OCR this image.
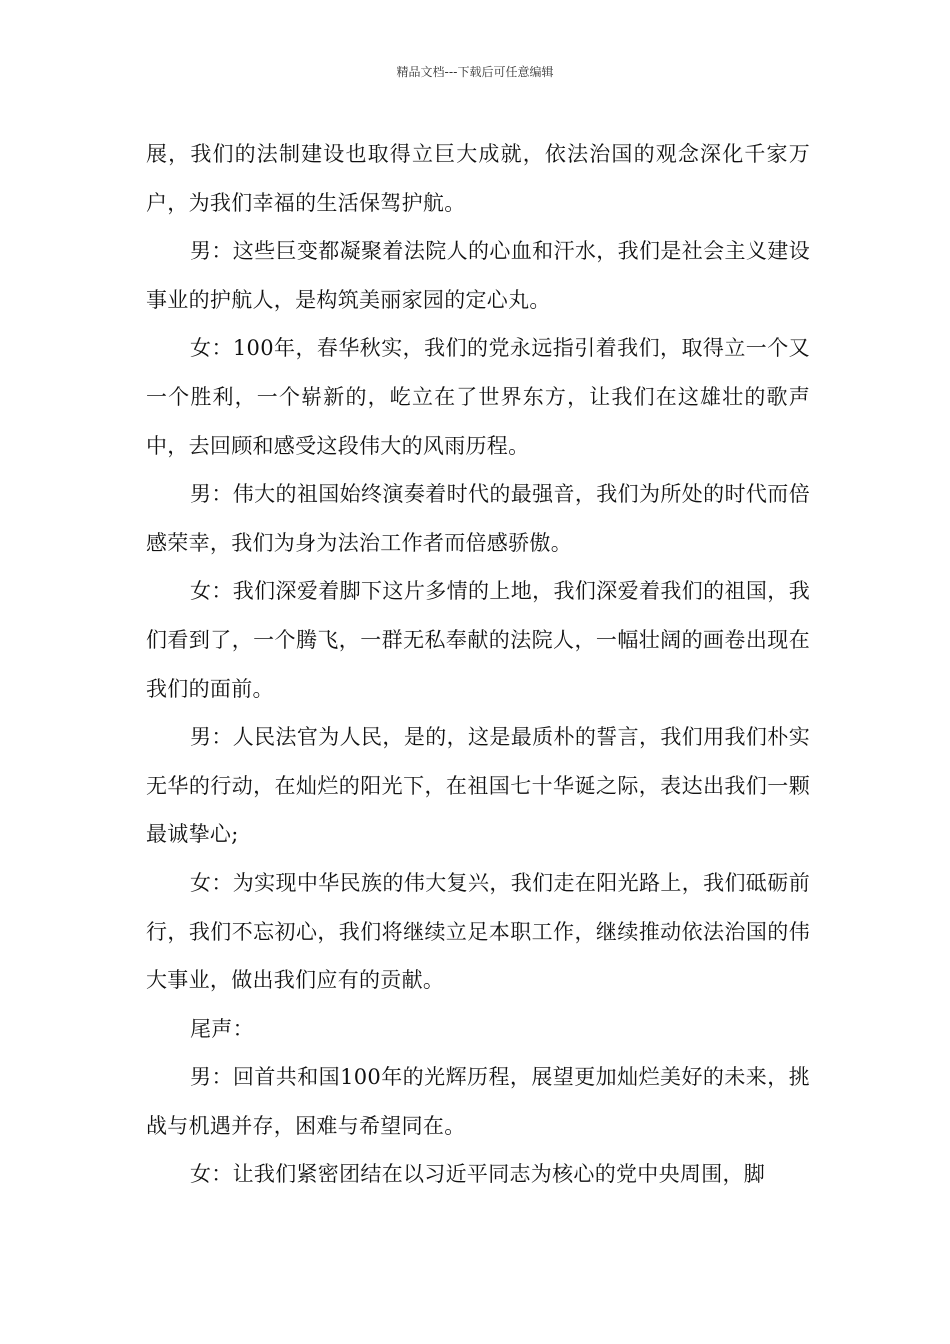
精品文档---下载后可任意编辑

展，我们的法制建设也取得立巨大成就，依法治国的观念深化千家万户，为我们幸福的生活保驾护航。

男：这些巨变都凝聚着法院人的心血和汗水，我们是社会主义建设事业的护航人，是构筑美丽家园的定心丸。

女：100年，春华秋实，我们的党永远指引着我们，取得立一个又一个胜利，一个崭新的，屹立在了世界东方，让我们在这雄壮的歌声中，去回顾和感受这段伟大的风雨历程。

男：伟大的祖国始终演奏着时代的最强音，我们为所处的时代而倍感荣幸，我们为身为法治工作者而倍感骄傲。

女：我们深爱着脚下这片多情的上地，我们深爱着我们的祖国，我们看到了，一个腾飞，一群无私奉献的法院人，一幅壮阔的画卷出现在我们的面前。

男：人民法官为人民，是的，这是最质朴的誓言，我们用我们朴实无华的行动，在灿烂的阳光下，在祖国七十华诞之际，表达出我们一颗最诚挚心;

女：为实现中华民族的伟大复兴，我们走在阳光路上，我们砥砺前行，我们不忘初心，我们将继续立足本职工作，继续推动依法治国的伟大事业，做出我们应有的贡献。

尾声：

男：回首共和国100年的光辉历程，展望更加灿烂美好的未来，挑战与机遇并存，困难与希望同在。

女：让我们紧密团结在以习近平同志为核心的党中央周围，脚
